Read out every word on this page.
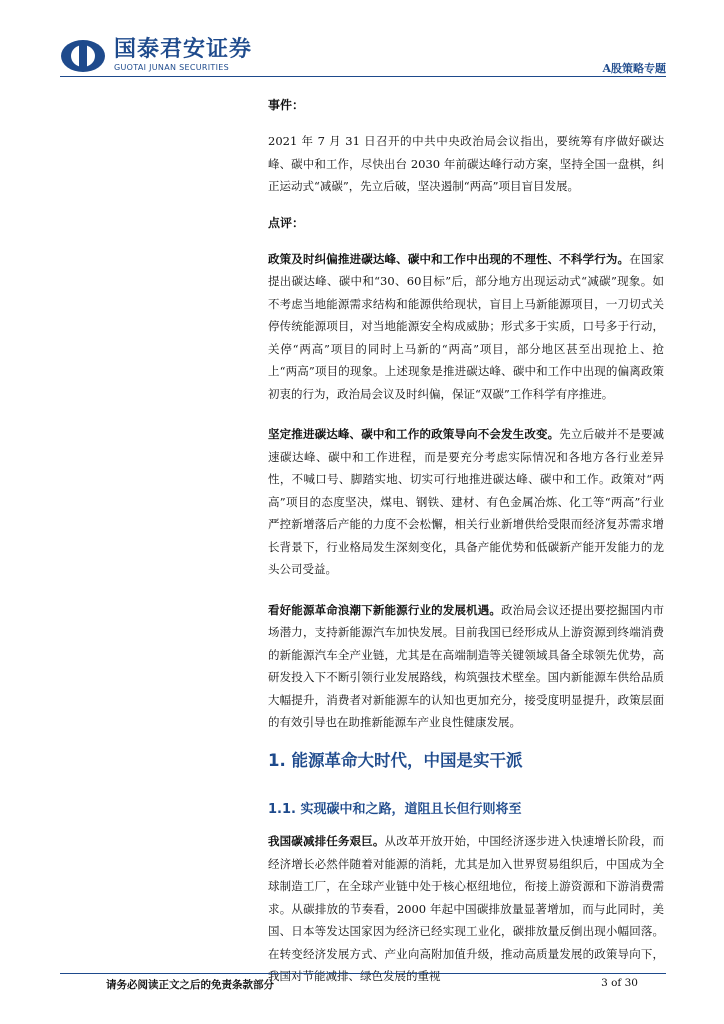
国泰君安证券
GUOTAI JUNAN SECURITIES	A股策略专题

事件：

2021 年 7 月 31 日召开的中共中央政治局会议指出，要统筹有序做好碳达峰、碳中和工作，尽快出台 2030 年前碳达峰行动方案，坚持全国一盘棋，纠正运动式“减碳”，先立后破，坚决遏制“两高”项目盲目发展。

点评：

政策及时纠偏推进碳达峰、碳中和工作中出现的不理性、不科学行为。在国家提出碳达峰、碳中和“30、60目标”后，部分地方出现运动式“减碳”现象。如不考虑当地能源需求结构和能源供给现状，盲目上马新能源项目，一刀切式关停传统能源项目，对当地能源安全构成威胁；形式多于实质，口号多于行动，关停“两高”项目的同时上马新的“两高”项目，部分地区甚至出现抢上、抢上“两高”项目的现象。上述现象是推进碳达峰、碳中和工作中出现的偏离政策初衷的行为，政治局会议及时纠偏，保证“双碳”工作科学有序推进。

坚定推进碳达峰、碳中和工作的政策导向不会发生改变。先立后破并不是要减速碳达峰、碳中和工作进程，而是要充分考虑实际情况和各地方各行业差异性，不喊口号、脚踏实地、切实可行地推进碳达峰、碳中和工作。政策对“两高”项目的态度坚决，煤电、钢铁、建材、有色金属冶炼、化工等“两高”行业严控新增落后产能的力度不会松懈，相关行业新增供给受限而经济复苏需求增长背景下，行业格局发生深刻变化，具备产能优势和低碳新产能开发能力的龙头公司受益。

看好能源革命浪潮下新能源行业的发展机遇。政治局会议还提出要挖掘国内市场潜力，支持新能源汽车加快发展。目前我国已经形成从上游资源到终端消费的新能源汽车全产业链，尤其是在高端制造等关键领域具备全球领先优势，高研发投入下不断引领行业发展路线，构筑强技术壁垒。国内新能源车供给品质大幅提升，消费者对新能源车的认知也更加充分，接受度明显提升，政策层面的有效引导也在助推新能源车产业良性健康发展。

1. 能源革命大时代，中国是实干派
1.1. 实现碳中和之路，道阻且长但行则将至

我国碳减排任务艰巨。从改革开放开始，中国经济逐步进入快速增长阶段，而经济增长必然伴随着对能源的消耗，尤其是加入世界贸易组织后，中国成为全球制造工厂，在全球产业链中处于核心枢纽地位，衔接上游资源和下游消费需求。从碳排放的节奏看，2000 年起中国碳排放量显著增加，而与此同时，美国、日本等发达国家因为经济已经实现工业化，碳排放量反倒出现小幅回落。在转变经济发展方式、产业向高附加值升级，推动高质量发展的政策导向下，我国对节能减排、绿色发展的重视

请务必阅读正文之后的免责条款部分	3 of 30
